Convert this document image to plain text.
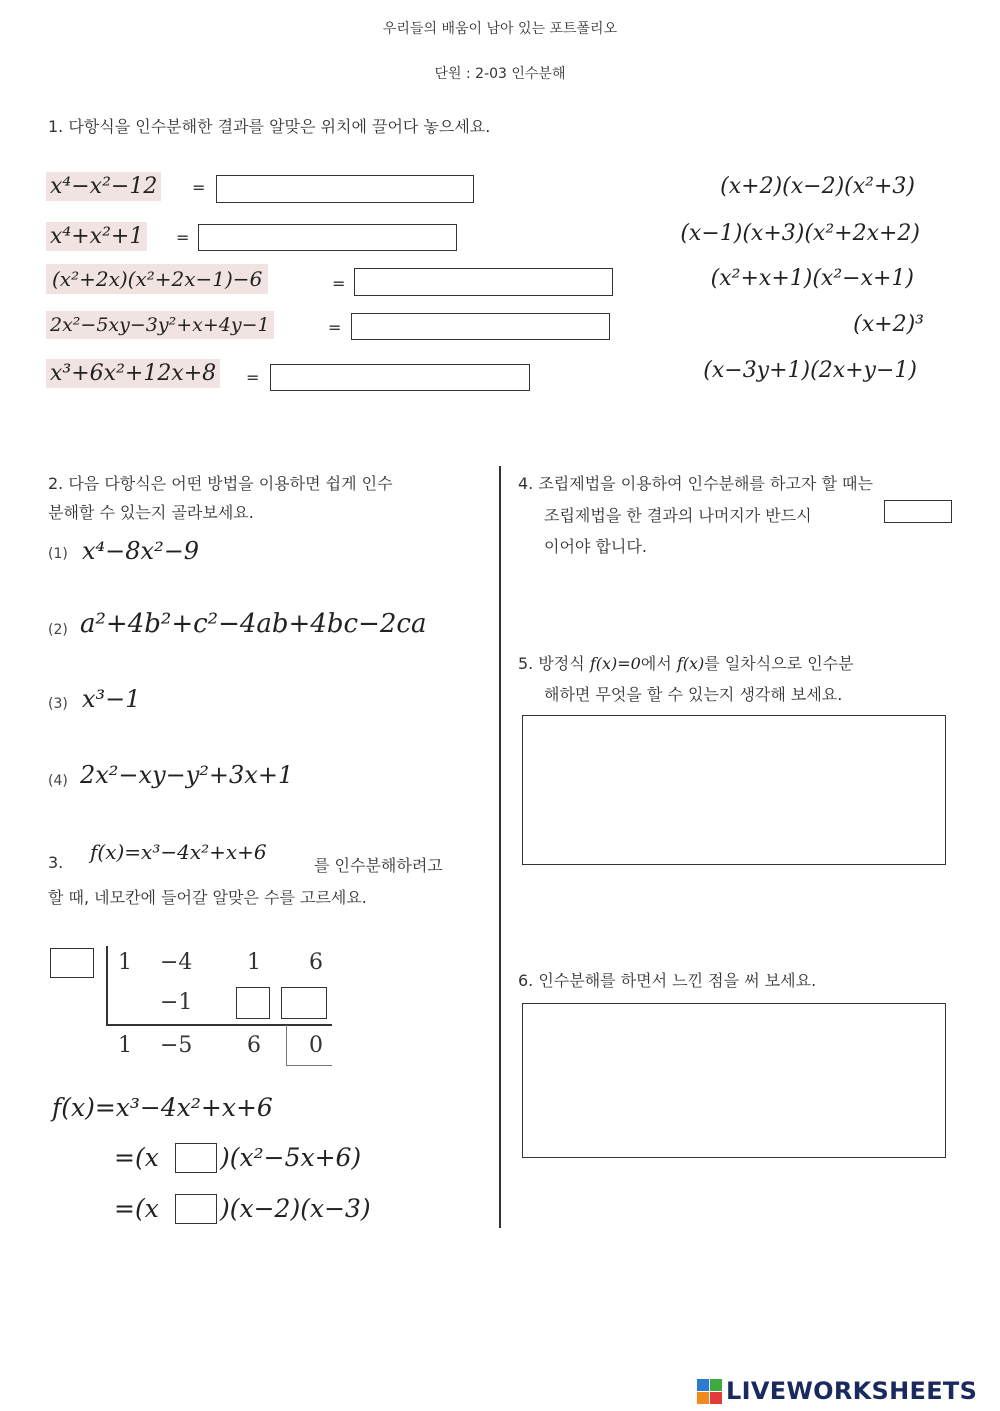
우리들의 배움이 남아 있는 포트폴리오
단원 : 2-03 인수분해
1. 다항식을 인수분해한 결과를 알맞은 위치에 끌어다 놓으세요.
x⁴−x²−12 =
x⁴+x²+1 =
(x²+2x)(x²+2x−1)−6	=
2x²−5xy−3y²+x+4y−1	=
x³+6x²+12x+8 =
(x+2)(x−2)(x²+3)
(x−1)(x+3)(x²+2x+2)
(x²+x+1)(x²−x+1)
(x+2)³
(x−3y+1)(2x+y−1)
2. 다음 다항식은 어떤 방법을 이용하면 쉽게 인수
분해할 수 있는지 골라보세요.
(1) x⁴−8x²−9
(2) a²+4b²+c²−4ab+4bc−2ca
(3) x³−1
(4) 2x²−xy−y²+3x+1
3. f(x)=x³−4x²+x+6
를 인수분해하려고
할 때, 네모칸에 들어갈 알맞은 수를 고르세요.
1 −4 1 6
−1
1 −5 6 0
f(x)=x³−4x²+x+6
=(x )(x²−5x+6)
=(x )(x−2)(x−3)
4. 조립제법을 이용하여 인수분해를 하고자 할 때는
조립제법을 한 결과의 나머지가 반드시
이어야 합니다.
5. 방정식 f(x)=0에서 f(x)를 일차식으로 인수분
해하면 무엇을 할 수 있는지 생각해 보세요.
6. 인수분해를 하면서 느낀 점을 써 보세요.
LIVEWORKSHEETS
